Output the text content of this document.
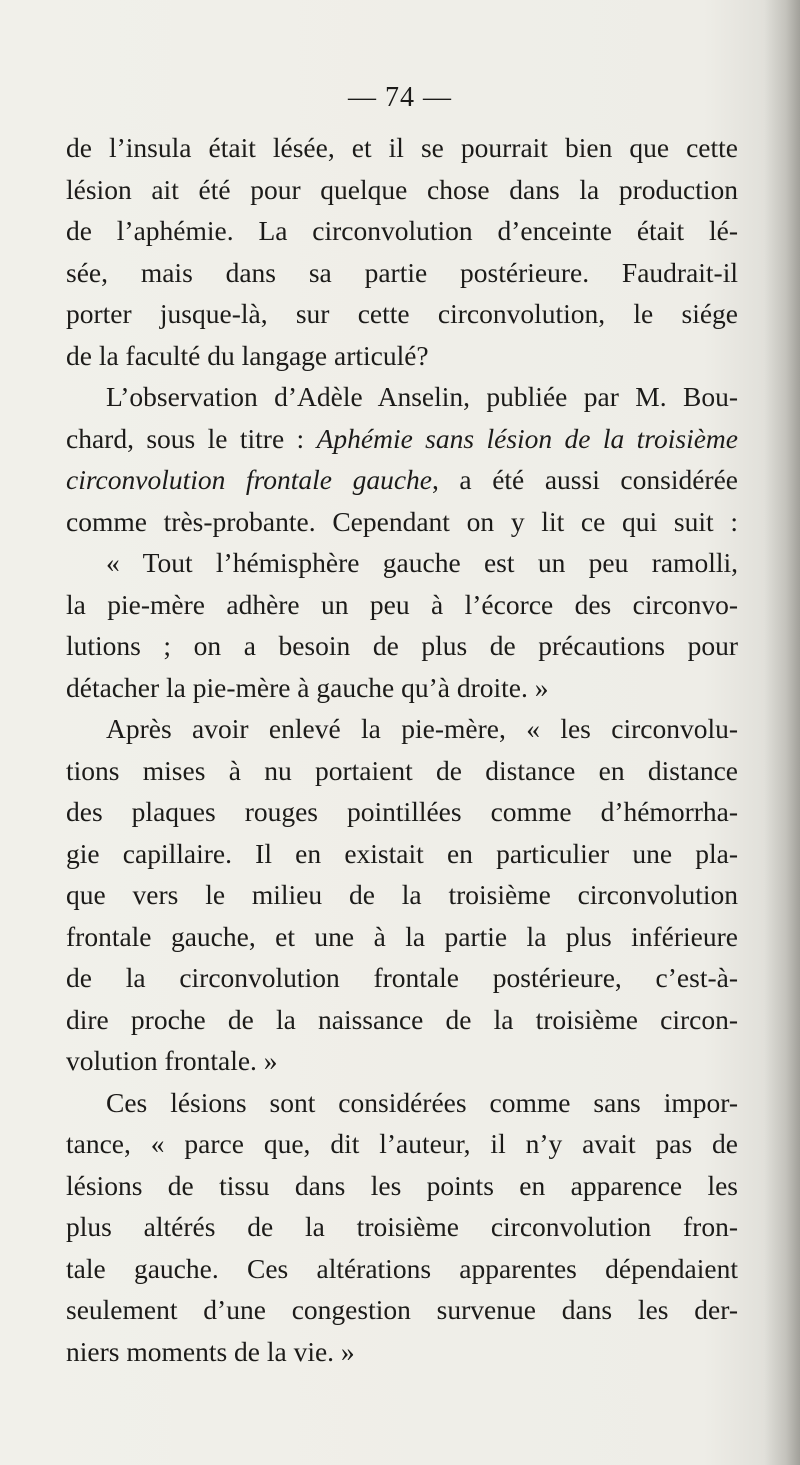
— 74 —
de l’insula était lésée, et il se pourrait bien que cette
lésion ait été pour quelque chose dans la production
de l’aphémie. La circonvolution d’enceinte était lé-
sée, mais dans sa partie postérieure. Faudrait-il
porter jusque-là, sur cette circonvolution, le siége
de la faculté du langage articulé?
L’observation d’Adèle Anselin, publiée par M. Bou-
chard, sous le titre : Aphémie sans lésion de la troisième
circonvolution frontale gauche, a été aussi considérée
comme très-probante. Cependant on y lit ce qui suit :
« Tout l’hémisphère gauche est un peu ramolli,
la pie-mère adhère un peu à l’écorce des circonvo-
lutions ; on a besoin de plus de précautions pour
détacher la pie-mère à gauche qu’à droite. »
Après avoir enlevé la pie-mère, « les circonvolu-
tions mises à nu portaient de distance en distance
des plaques rouges pointillées comme d’hémorrha-
gie capillaire. Il en existait en particulier une pla-
que vers le milieu de la troisième circonvolution
frontale gauche, et une à la partie la plus inférieure
de la circonvolution frontale postérieure, c’est-à-
dire proche de la naissance de la troisième circon-
volution frontale. »
Ces lésions sont considérées comme sans impor-
tance, « parce que, dit l’auteur, il n’y avait pas de
lésions de tissu dans les points en apparence les
plus altérés de la troisième circonvolution fron-
tale gauche. Ces altérations apparentes dépendaient
seulement d’une congestion survenue dans les der-
niers moments de la vie. »
